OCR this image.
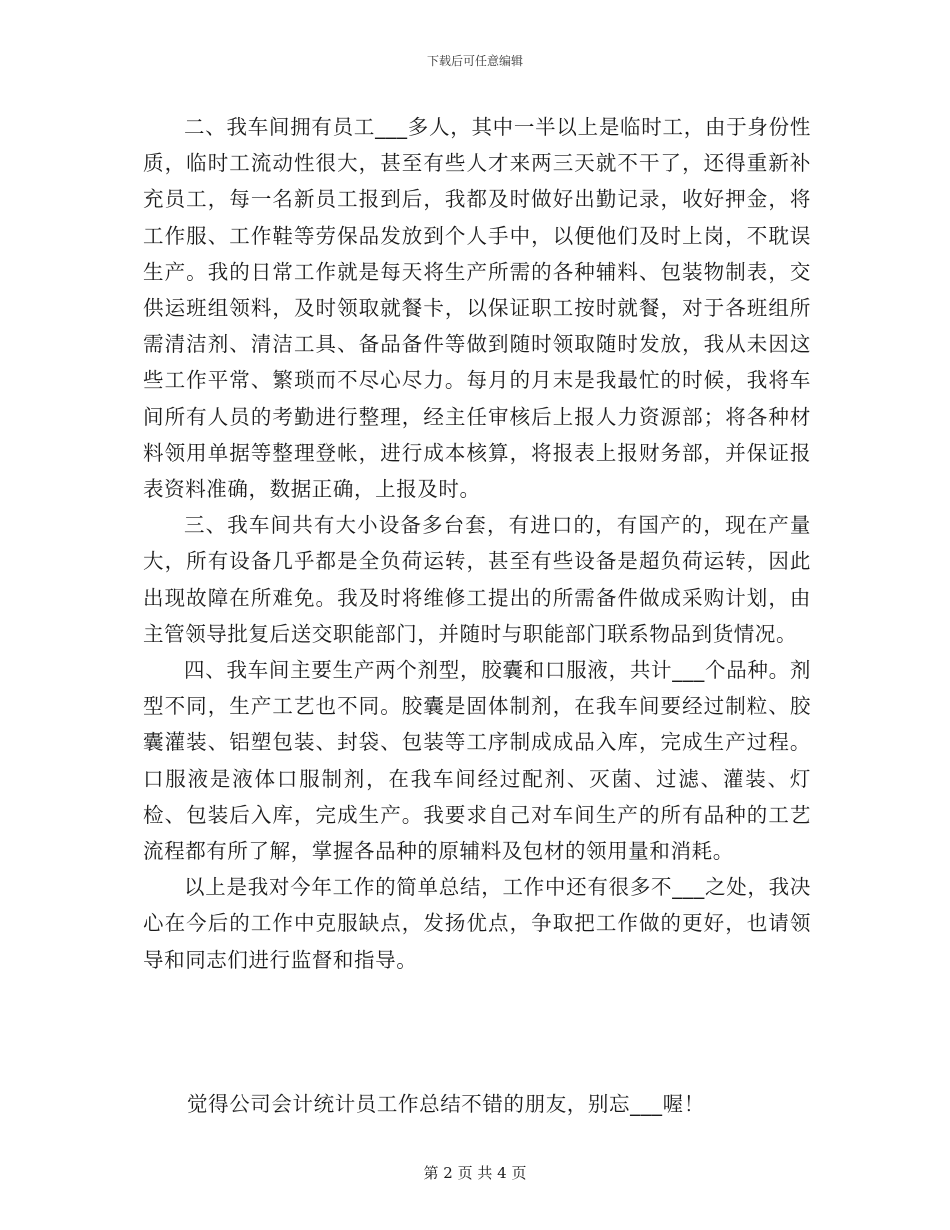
下载后可任意编辑

二、我车间拥有员工___多人，其中一半以上是临时工，由于身份性质，临时工流动性很大，甚至有些人才来两三天就不干了，还得重新补充员工，每一名新员工报到后，我都及时做好出勤记录，收好押金，将工作服、工作鞋等劳保品发放到个人手中，以便他们及时上岗，不耽误生产。我的日常工作就是每天将生产所需的各种辅料、包装物制表，交供运班组领料，及时领取就餐卡，以保证职工按时就餐，对于各班组所需清洁剂、清洁工具、备品备件等做到随时领取随时发放，我从未因这些工作平常、繁琐而不尽心尽力。每月的月末是我最忙的时候，我将车间所有人员的考勤进行整理，经主任审核后上报人力资源部；将各种材料领用单据等整理登帐，进行成本核算，将报表上报财务部，并保证报表资料准确，数据正确，上报及时。

三、我车间共有大小设备多台套，有进口的，有国产的，现在产量大，所有设备几乎都是全负荷运转，甚至有些设备是超负荷运转，因此出现故障在所难免。我及时将维修工提出的所需备件做成采购计划，由主管领导批复后送交职能部门，并随时与职能部门联系物品到货情况。

四、我车间主要生产两个剂型，胶囊和口服液，共计___个品种。剂型不同，生产工艺也不同。胶囊是固体制剂，在我车间要经过制粒、胶囊灌装、铝塑包装、封袋、包装等工序制成成品入库，完成生产过程。口服液是液体口服制剂，在我车间经过配剂、灭菌、过滤、灌装、灯检、包装后入库，完成生产。我要求自己对车间生产的所有品种的工艺流程都有所了解，掌握各品种的原辅料及包材的领用量和消耗。

以上是我对今年工作的简单总结，工作中还有很多不___之处，我决心在今后的工作中克服缺点，发扬优点，争取把工作做的更好，也请领导和同志们进行监督和指导。

觉得公司会计统计员工作总结不错的朋友，别忘___喔！
第 2 页 共 4 页
